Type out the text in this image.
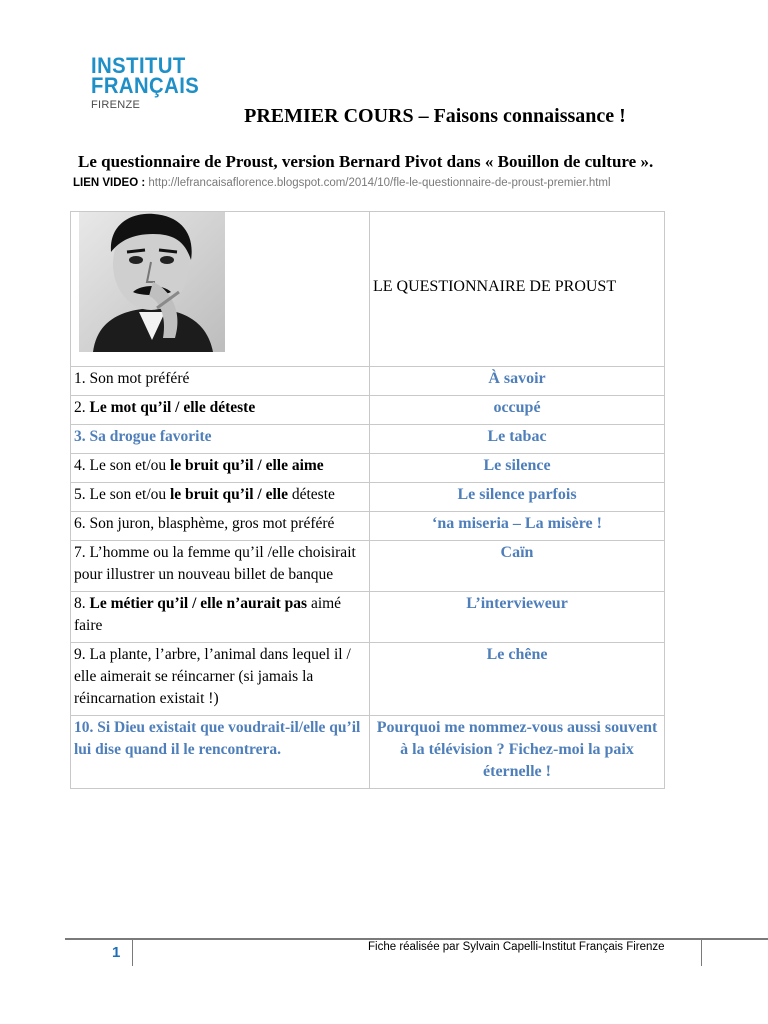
INSTITUT
FRANÇAIS
FIRENZE	PREMIER COURS – Faisons connaissance !
Le questionnaire de Proust, version Bernard Pivot dans « Bouillon de culture ».
LIEN VIDEO : http://lefrancaisaflorence.blogspot.com/2014/10/fle-le-questionnaire-de-proust-premier.html
	LE QUESTIONNAIRE DE PROUST
1. Son mot préféré	À savoir
2. Le mot qu’il / elle déteste	occupé
3. Sa drogue favorite	Le tabac
4. Le son et/ou le bruit qu’il / elle aime	Le silence
5. Le son et/ou le bruit qu’il / elle déteste	Le silence parfois
6. Son juron, blasphème, gros mot préféré	‘na miseria – La misère !
7. L’homme ou la femme qu’il /elle choisirait pour illustrer un nouveau billet de banque	Caïn
8. Le métier qu’il / elle n’aurait pas aimé faire	L’intervieweur
9. La plante, l’arbre, l’animal dans lequel il / elle aimerait se réincarner (si jamais la réincarnation existait !)	Le chêne
10. Si Dieu existait que voudrait-il/elle qu’il lui dise quand il le rencontrera.	Pourquoi me nommez-vous aussi souvent à la télévision ? Fichez-moi la paix éternelle !
1	Fiche réalisée par Sylvain Capelli-Institut Français Firenze
